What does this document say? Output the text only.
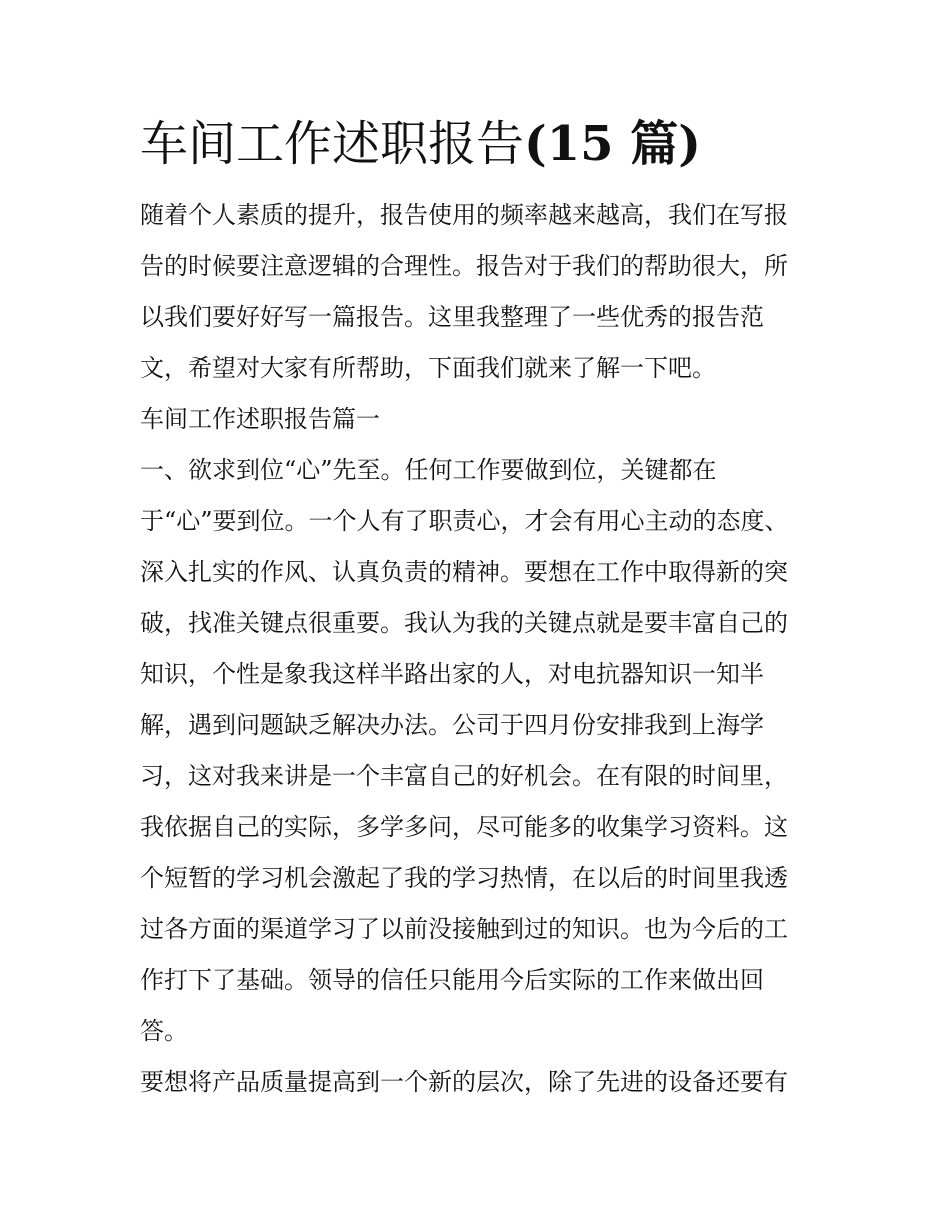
车间工作述职报告(15 篇)
随着个人素质的提升，报告使用的频率越来越高，我们在写报
告的时候要注意逻辑的合理性。报告对于我们的帮助很大，所
以我们要好好写一篇报告。这里我整理了一些优秀的报告范
文，希望对大家有所帮助，下面我们就来了解一下吧。
车间工作述职报告篇一
一、欲求到位“心”先至。任何工作要做到位，关键都在
于“心”要到位。一个人有了职责心，才会有用心主动的态度、
深入扎实的作风、认真负责的精神。要想在工作中取得新的突
破，找准关键点很重要。我认为我的关键点就是要丰富自己的
知识，个性是象我这样半路出家的人，对电抗器知识一知半
解，遇到问题缺乏解决办法。公司于四月份安排我到上海学
习，这对我来讲是一个丰富自己的好机会。在有限的时间里，
我依据自己的实际，多学多问，尽可能多的收集学习资料。这
个短暂的学习机会激起了我的学习热情，在以后的时间里我透
过各方面的渠道学习了以前没接触到过的知识。也为今后的工
作打下了基础。领导的信任只能用今后实际的工作来做出回
答。
要想将产品质量提高到一个新的层次，除了先进的设备还要有
